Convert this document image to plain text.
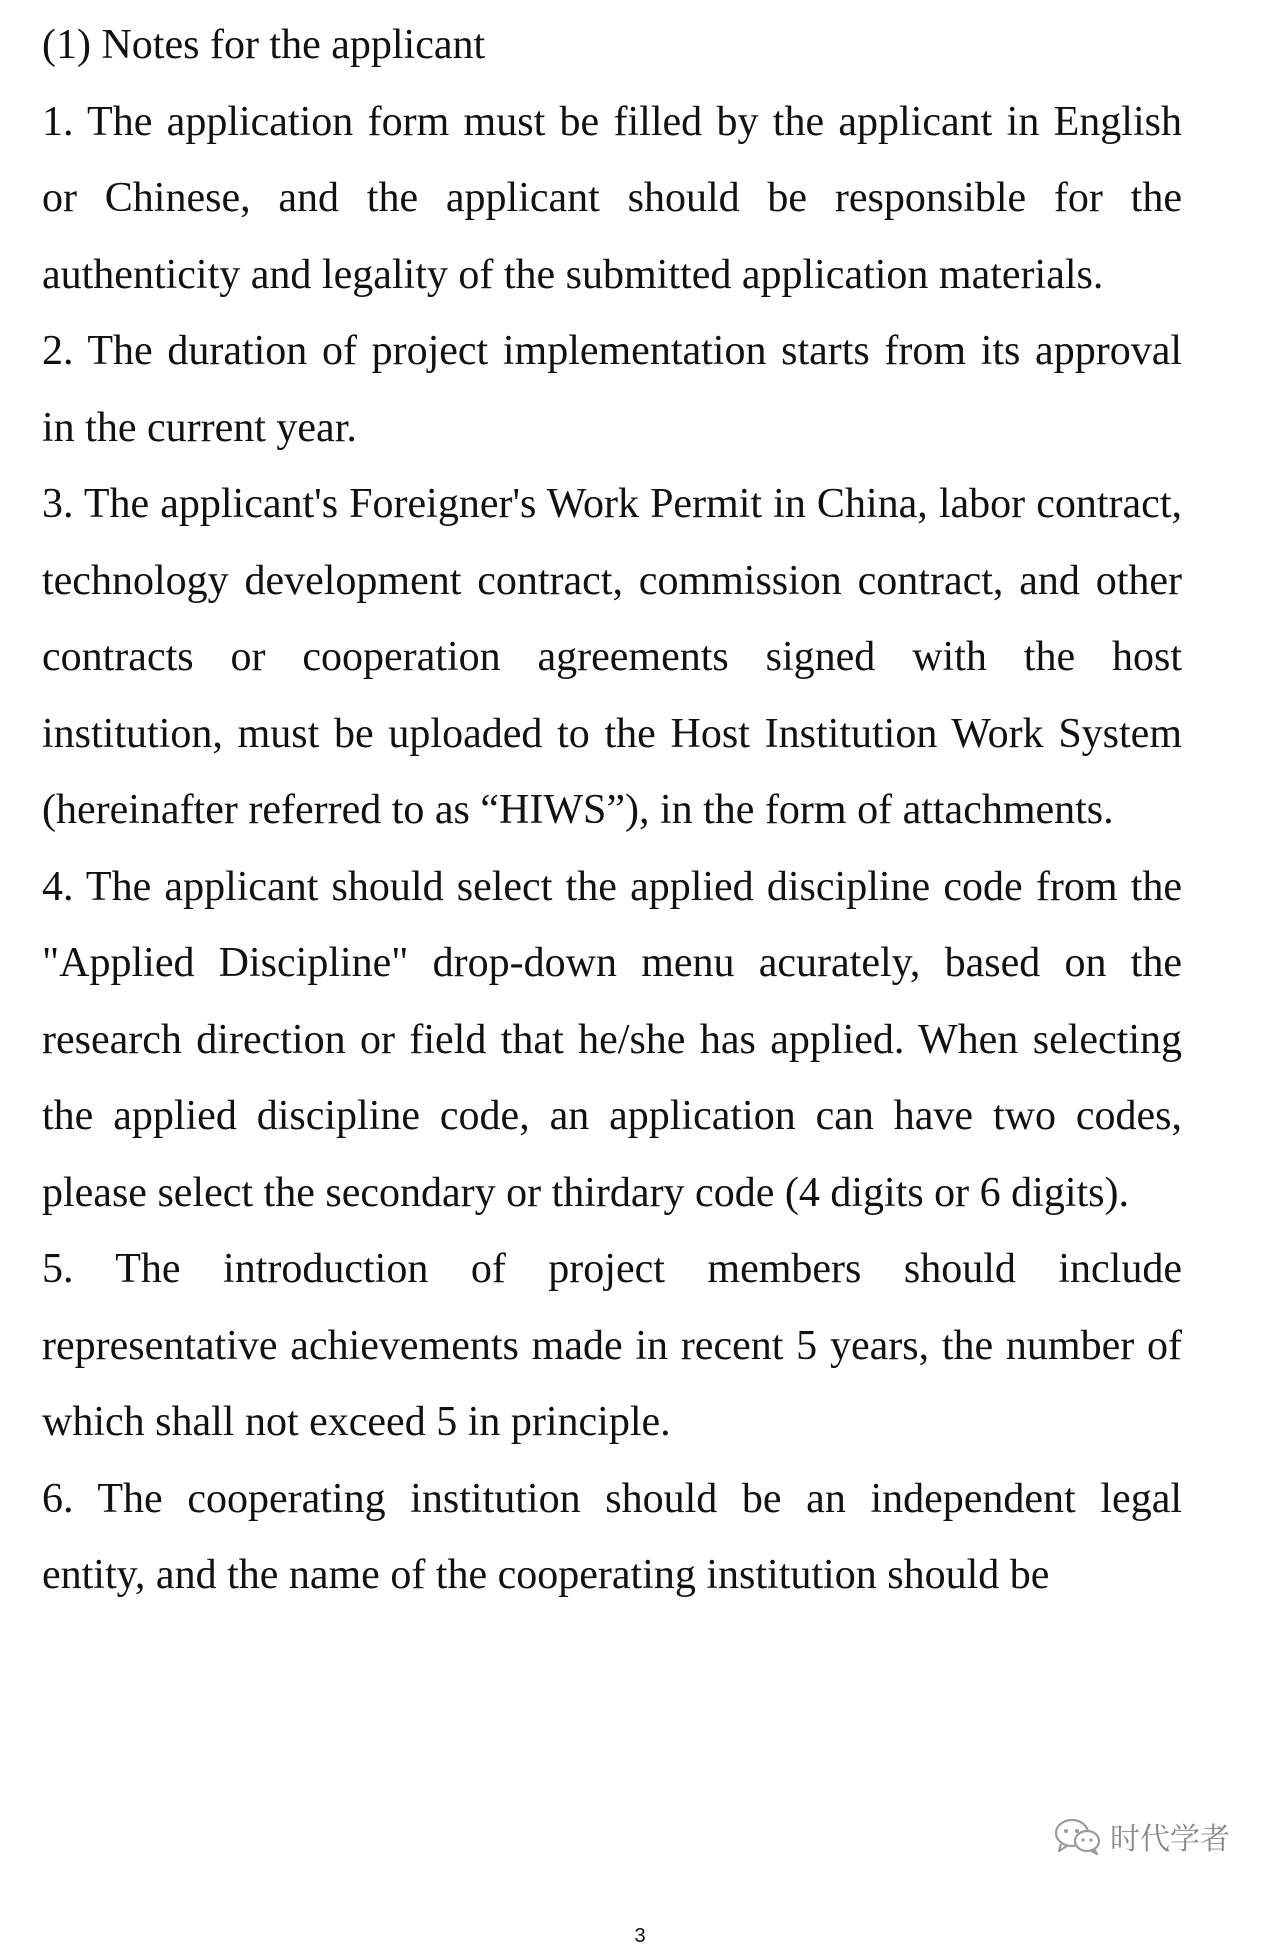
(1) Notes for the applicant

1. The application form must be filled by the applicant in English or Chinese, and the applicant should be responsible for the authenticity and legality of the submitted application materials.

2. The duration of project implementation starts from its approval in the current year.

3. The applicant's Foreigner's Work Permit in China, labor contract, technology development contract, commission contract, and other contracts or cooperation agreements signed with the host institution, must be uploaded to the Host Institution Work System (hereinafter referred to as “HIWS”), in the form of attachments.

4. The applicant should select the applied discipline code from the "Applied Discipline" drop-down menu acurately, based on the research direction or field that he/she has applied. When selecting the applied discipline code, an application can have two codes, please select the secondary or thirdary code (4 digits or 6 digits).

5. The introduction of project members should include representative achievements made in recent 5 years, the number of which shall not exceed 5 in principle.

6. The cooperating institution should be an independent legal entity, and the name of the cooperating institution should be

时代学者
3
